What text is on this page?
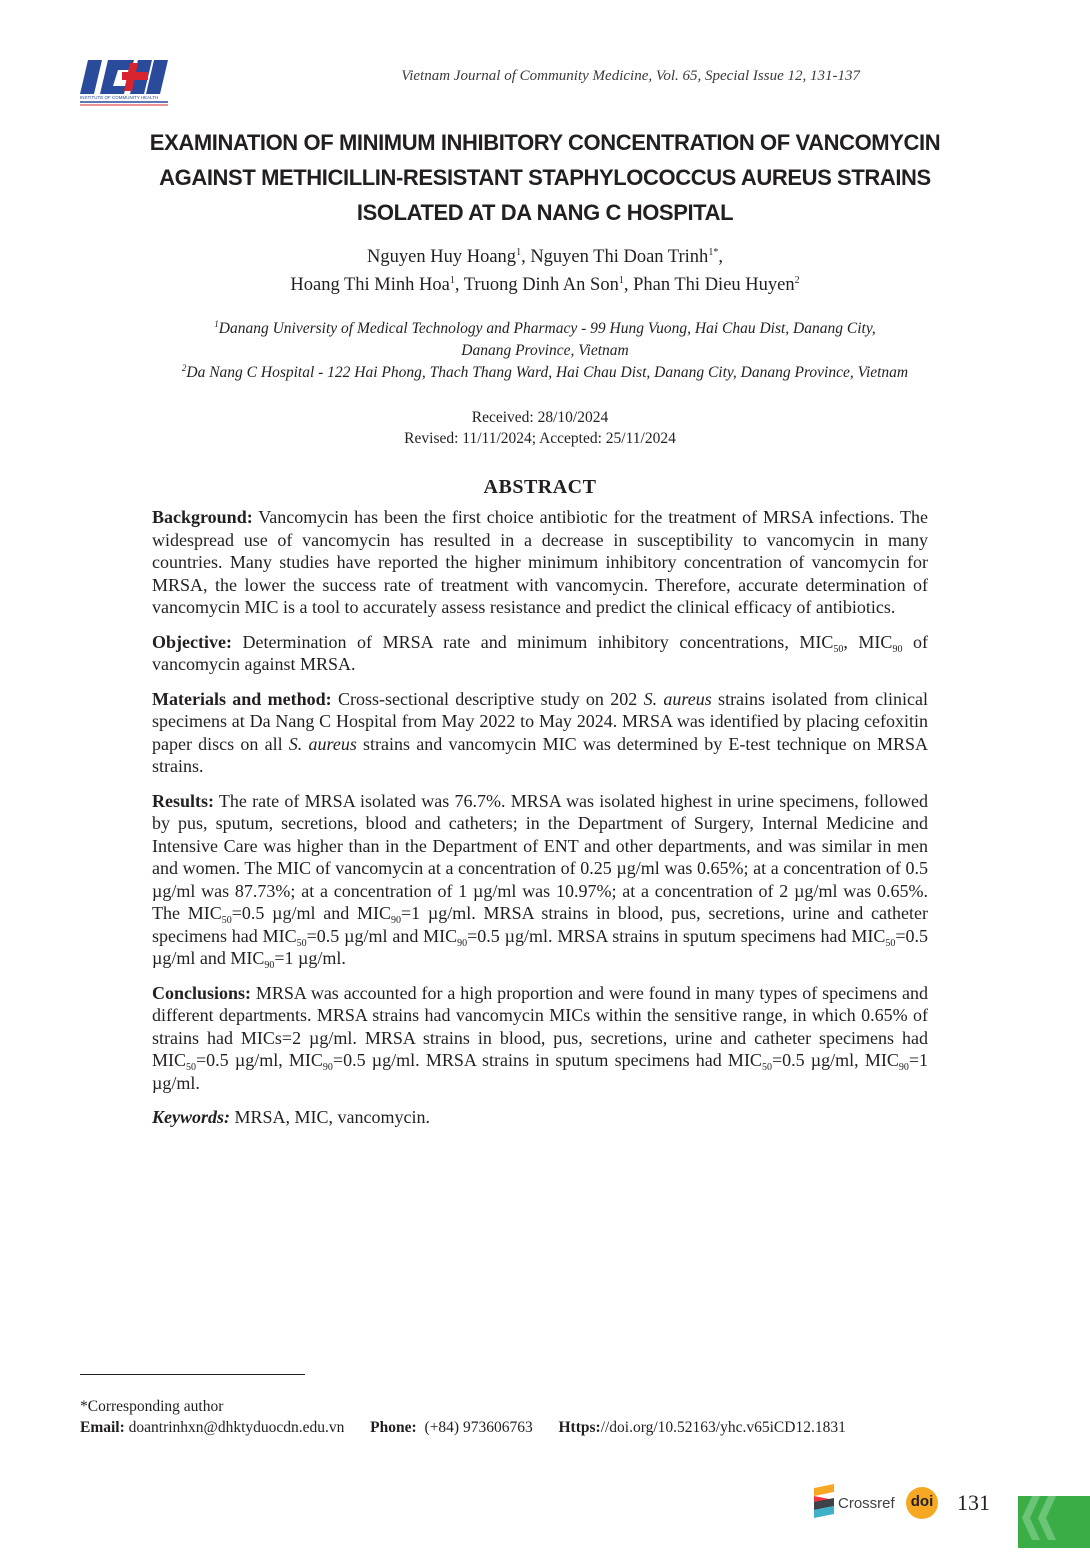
INSTITUTE OF COMMUNITY HEALTH
Vietnam Journal of Community Medicine, Vol. 65, Special Issue 12, 131-137
EXAMINATION OF MINIMUM INHIBITORY CONCENTRATION OF VANCOMYCIN
AGAINST METHICILLIN-RESISTANT STAPHYLOCOCCUS AUREUS STRAINS
ISOLATED AT DA NANG C HOSPITAL
Nguyen Huy Hoang$^1$, Nguyen Thi Doan Trinh$^{1*}$,
Hoang Thi Minh Hoa$^1$, Truong Dinh An Son$^1$, Phan Thi Dieu Huyen$^2$
$^1$Danang University of Medical Technology and Pharmacy - 99 Hung Vuong, Hai Chau Dist, Danang City,
Danang Province, Vietnam
$^2$Da Nang C Hospital - 122 Hai Phong, Thach Thang Ward, Hai Chau Dist, Danang City, Danang Province, Vietnam
Received: 28/10/2024
Revised: 11/11/2024; Accepted: 25/11/2024
ABSTRACT

Background: Vancomycin has been the first choice antibiotic for the treatment of MRSA infections. The widespread use of vancomycin has resulted in a decrease in susceptibility to vancomycin in many countries. Many studies have reported the higher minimum inhibitory concentration of vancomycin for MRSA, the lower the success rate of treatment with vancomycin. Therefore, accurate determination of vancomycin MIC is a tool to accurately assess resistance and predict the clinical efficacy of antibiotics.

Objective: Determination of MRSA rate and minimum inhibitory concentrations, $MIC_{50}$, $MIC_{90}$ of vancomycin against MRSA.

Materials and method: Cross-sectional descriptive study on 202 S. aureus strains isolated from clinical specimens at Da Nang C Hospital from May 2022 to May 2024. MRSA was identified by placing cefoxitin paper discs on all S. aureus strains and vancomycin MIC was determined by E-test technique on MRSA strains.

Results: The rate of MRSA isolated was 76.7%. MRSA was isolated highest in urine specimens, followed by pus, sputum, secretions, blood and catheters; in the Department of Surgery, Internal Medicine and Intensive Care was higher than in the Department of ENT and other departments, and was similar in men and women. The MIC of vancomycin at a concentration of 0.25 µg/ml was 0.65%; at a concentration of 0.5 µg/ml was 87.73%; at a concentration of 1 µg/ml was 10.97%; at a concentration of 2 µg/ml was 0.65%. The $MIC_{50}=0.5$ µg/ml and $MIC_{90}=1$ µg/ml. MRSA strains in blood, pus, secretions, urine and catheter specimens had $MIC_{50}=0.5$ µg/ml and $MIC_{90}=0.5$ µg/ml. MRSA strains in sputum specimens had $MIC_{50}=0.5$ µg/ml and $MIC_{90}=1$ µg/ml.

Conclusions: MRSA was accounted for a high proportion and were found in many types of specimens and different departments. MRSA strains had vancomycin MICs within the sensitive range, in which 0.65% of strains had MICs=2 µg/ml. MRSA strains in blood, pus, secretions, urine and catheter specimens had $MIC_{50}=0.5$ µg/ml, $MIC_{90}=0.5$ µg/ml. MRSA strains in sputum specimens had $MIC_{50}=0.5$ µg/ml, $MIC_{90}=1$ µg/ml.

Keywords: MRSA, MIC, vancomycin.

*Corresponding author
Email: doantrinhxn@dhktyduocdn.edu.vn Phone: (+84) 973606763 Https://doi.org/10.52163/yhc.v65iCD12.1831
Crossref	doi 131
